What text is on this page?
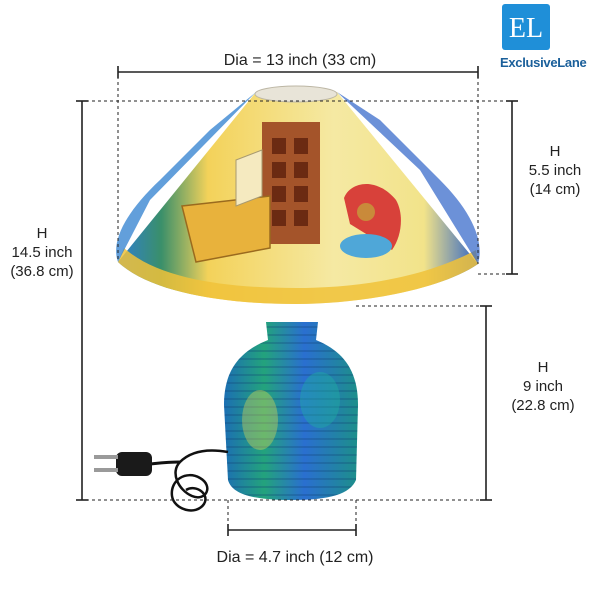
EL
ExclusiveLane
Dia = 13 inch (33 cm)
H
14.5 inch
(36.8 cm)
H
5.5 inch
(14 cm)
H
9 inch
(22.8 cm)
Dia = 4.7 inch (12 cm)
